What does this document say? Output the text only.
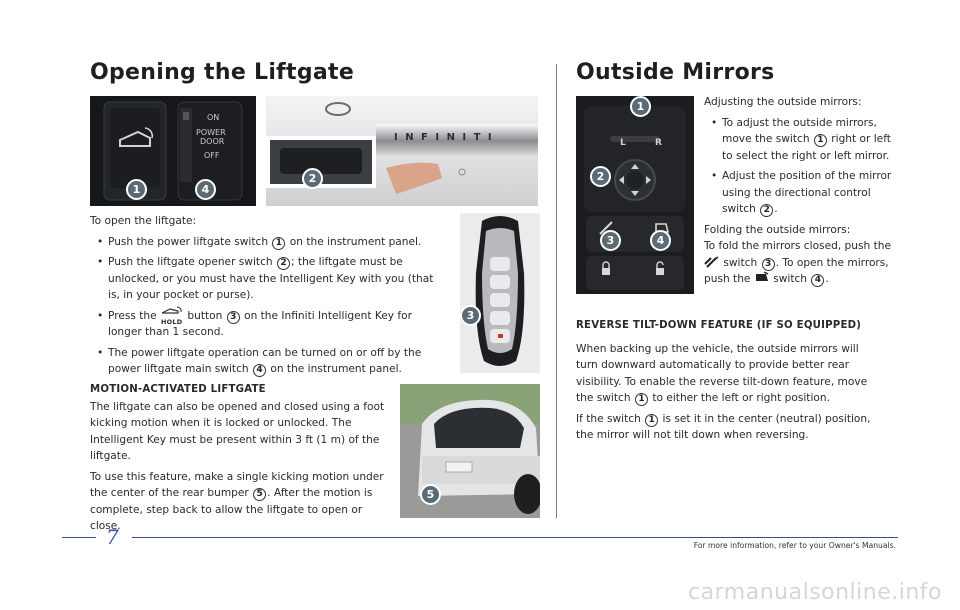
Opening the Liftgate
ON
POWER
DOOR
OFF
1	4
I N F I N I T I
2

To open the liftgate:

• Push the power liftgate switch 1 on the instrument panel.
• Push the liftgate opener switch 2 ; the liftgate must be unlocked, or you must have the Intelligent Key with you (that is, in your pocket or purse).
• Press the HOLD button 3 on the Infiniti Intelligent Key for longer than 1 second.
• The power liftgate operation can be turned on or off by the power liftgate main switch 4 on the instrument panel.
3

MOTION-ACTIVATED LIFTGATE

The liftgate can also be opened and closed using a foot kicking motion when it is locked or unlocked. The Intelligent Key must be present within 3 ft (1 m) of the liftgate.

To use this feature, make a single kicking motion under the center of the rear bumper 5 . After the motion is complete, step back to allow the liftgate to open or close.

5
Outside Mirrors
L	R
1
2
3	4

Adjusting the outside mirrors:

• To adjust the outside mirrors, move the switch 1 right or left to select the right or left mirror.
• Adjust the position of the mirror using the directional control switch 2 .

Folding the outside mirrors:

To fold the mirrors closed, push the  switch 3 . To open the mirrors, push the switch 4 .

REVERSE TILT-DOWN FEATURE (IF SO EQUIPPED)

When backing up the vehicle, the outside mirrors will turn downward automatically to provide better rear visibility. To enable the reverse tilt-down feature, move the switch 1 to either the left or right position.

If the switch 1 is set it in the center (neutral) position, the mirror will not tilt down when reversing.

7	For more information, refer to your Owner's Manuals.
carmanualsonline.info
